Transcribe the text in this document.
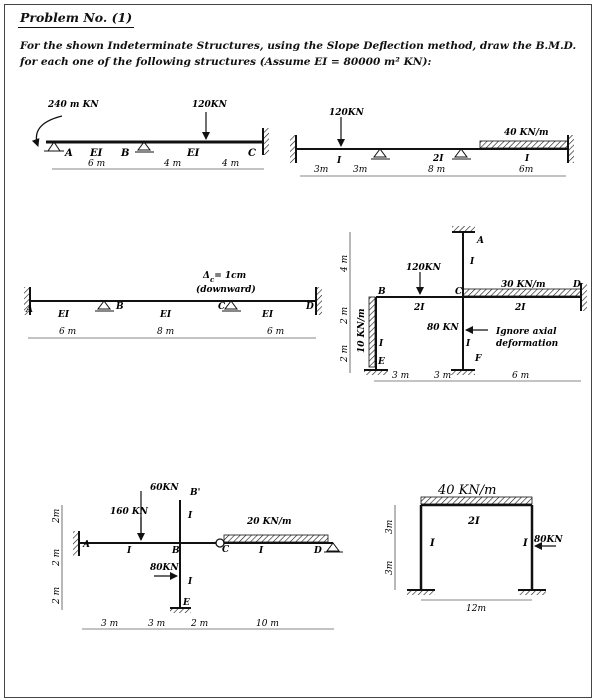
Problem No. (1)
For the shown Indeterminate Structures, using the Slope Deflection method, draw the B.M.D.
for each one of the following structures (Assume EI = 80000 m² KN):
240 m KN	120KN
A EI B	EI	C
6 m	4 m	4 m
120KN
40 KN/m
I	2I	I
3m	3m	8 m	6m
$\Delta_c= 1cm$
(downward)
A	B	C	D
EI	EI	EI
6 m	8 m	6 m
120KN
30 KN/m
10 KN/m	80 KN
A
B	C
D
E	F
I
2I	2I
I	I
4 m
2 m
2 m
3 m	3 m	6 m
Ignore axial
deformation
60KN
160 KN
20 KN/m
80KN
A
B
B'
C	D
E
I
I	I
I
2m
2 m
2 m
3 m	3 m	2 m	10 m
40 KN/m
80KN
2I
I	I
3m
3m
12m
